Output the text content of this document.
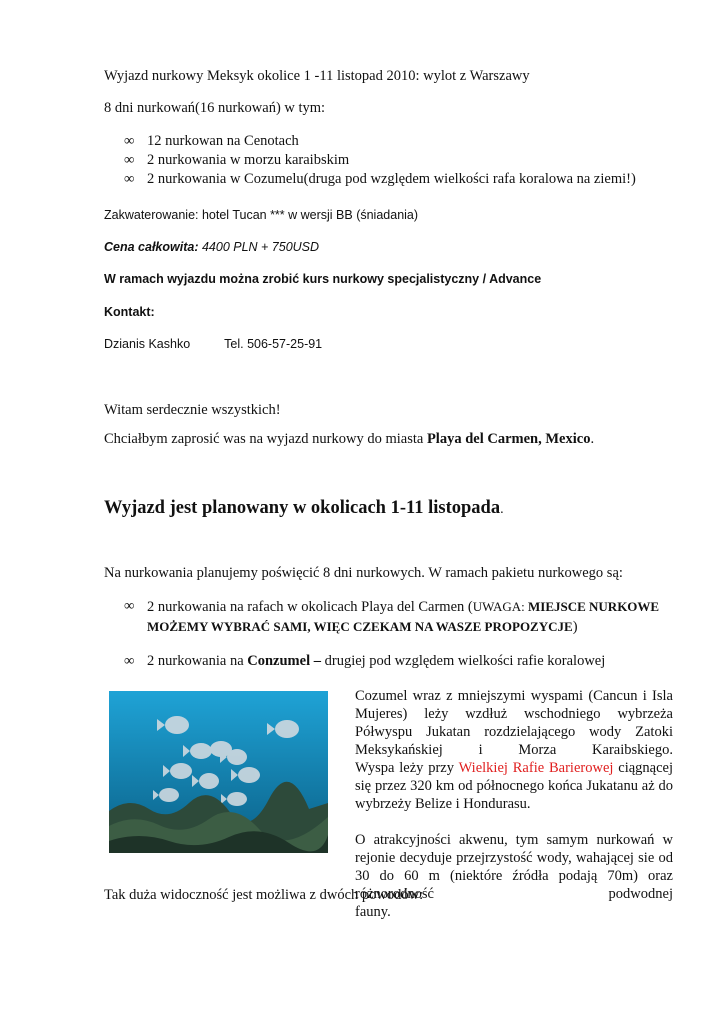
Wyjazd nurkowy Meksyk okolice 1 -11 listopad 2010: wylot z Warszawy
8 dni nurkowań(16 nurkowań) w tym:
∞ 12 nurkowan na Cenotach
∞ 2 nurkowania w morzu karaibskim
∞ 2 nurkowania w Cozumelu(druga pod względem wielkości rafa koralowa na ziemi!)
Zakwaterowanie: hotel Tucan *** w wersji BB (śniadania)
Cena całkowita: 4400 PLN + 750USD
W ramach wyjazdu można zrobić kurs nurkowy specjalistyczny / Advance
Kontakt:
Dzianis Kashko	Tel. 506-57-25-91
Witam serdecznie wszystkich!
Chciałbym zaprosić was na wyjazd nurkowy do miasta Playa del Carmen, Mexico.
Wyjazd jest planowany w okolicach 1-11 listopada.
Na nurkowania planujemy poświęcić 8 dni nurkowych. W ramach pakietu nurkowego są:
∞ 2 nurkowania na rafach w okolicach Playa del Carmen (UWAGA: MIEJSCE NURKOWE
MOŻEMY WYBRAĆ SAMI, WIĘC CZEKAM NA WASZE PROPOZYCJE)
∞ 2 nurkowania na Conzumel – drugiej pod względem wielkości rafie koralowej
Cozumel wraz z mniejszymi wyspami (Cancun i Isla
Mujeres) leży wzdłuż wschodniego wybrzeża
Półwyspu Jukatan rozdzielającego wody Zatoki
Meksykańskiej i Morza Karaibskiego.
Wyspa leży przy Wielkiej Rafie Barierowej ciągnącej
się przez 320 km od północnego końca Jukatanu aż do
wybrzeży Belize i Hondurasu.
O atrakcyjności akwenu, tym samym nurkowań w
rejonie decyduje przejrzystość wody, wahającej sie od
30 do 60 m (niektóre źródła podają 70m) oraz
różnorodność podwodnej fauny.
Tak duża widoczność jest możliwa z dwóch powodów:
